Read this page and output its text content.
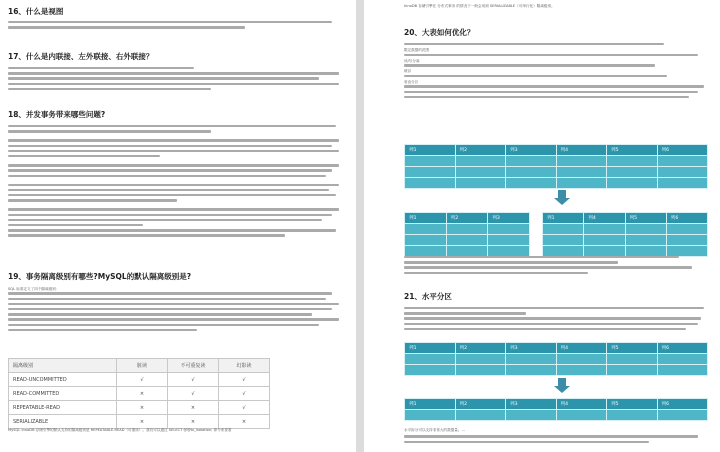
16、什么是视图
17、什么是内联接、左外联接、右外联接？
18、并发事务带来哪些问题?
19、事务隔离级别有哪些?MySQL的默认隔离级别是?
SQL 标准定义了四个隔离级别：
隔离级别	脏读	不可重复读	幻影读
READ-UNCOMMITTED	√	√	√
READ-COMMITTED	×	√	√
REPEATABLE-READ	×	×	√
SERIALIZABLE	×	×	×
MySQL InnoDB 存储引擎的默认支持的隔离级别是 REPEATABLE-READ（可重读）。我们可以通过 SELECT @@tx_isolation; 命令来查看
InnoDB 存储引擎在 分布式事务 的情况下一般会用到 SERIALIZABLE（可串行化）隔离级别。
20、大表如何优化？
限定数据的范围
读/写分离
缓存
垂直分区
列1	列2	列3	列4	列5	列6

列1	列2	列3

			列1	列4	列5	列6

21、水平分区
列1	列2	列3	列4	列5	列6

列1	列2	列3	列4	列5	列6

水平拆分可以支持非常大的数据量。…
